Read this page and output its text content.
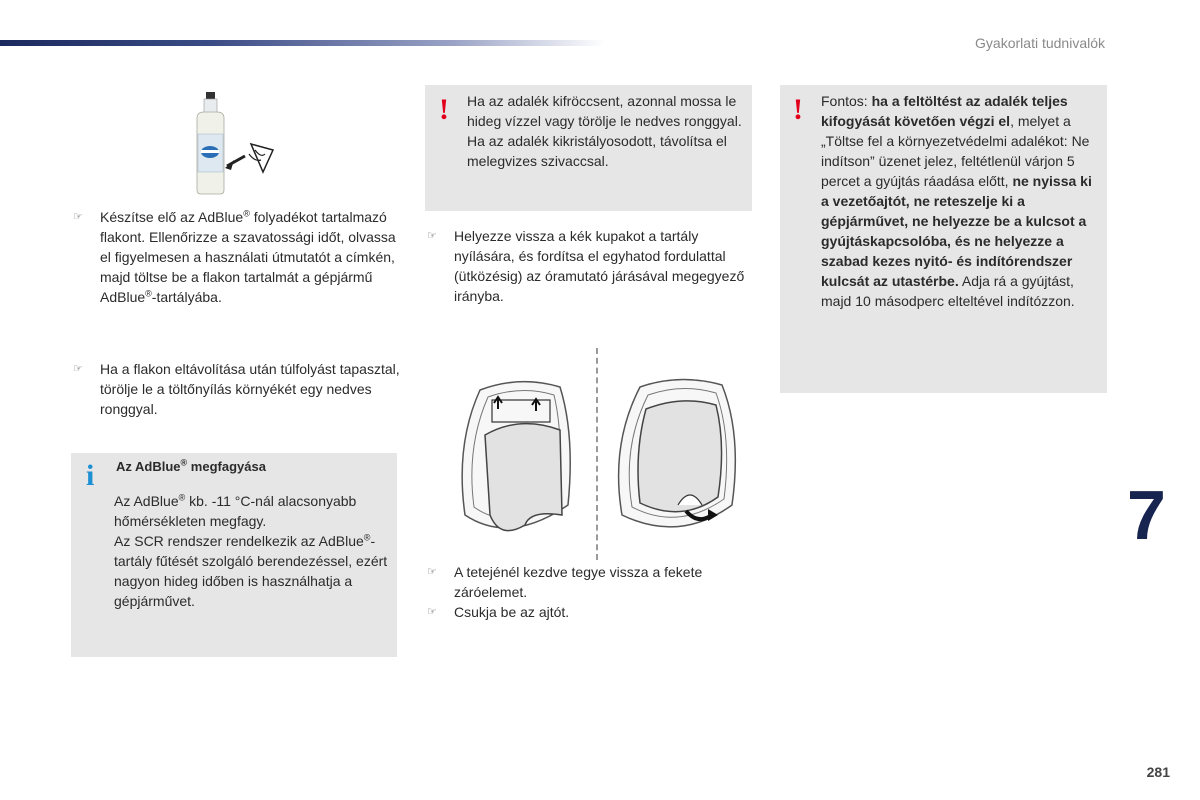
Gyakorlati tudnivalók
☞ Készítse elő az AdBlue® folyadékot tartalmazó flakont. Ellenőrizze a szavatossági időt, olvassa el figyelmesen a használati útmutatót a címkén, majd töltse be a flakon tartalmát a gépjármű AdBlue®-tartályába.
☞ Ha a flakon eltávolítása után túlfolyást tapasztal, törölje le a töltőnyílás környékét egy nedves ronggyal.
i Az AdBlue® megfagyása

Az AdBlue® kb. -11 °C-nál alacsonyabb hőmérsékleten megfagy.

Az SCR rendszer rendelkezik az AdBlue®-tartály fűtését szolgáló berendezéssel, ezért nagyon hideg időben is használhatja a gépjárművet.

! Ha az adalék kifröccsent, azonnal mossa le hideg vízzel vagy törölje le nedves ronggyal.

Ha az adalék kikristályosodott, távolítsa el melegvizes szivaccsal.

☞ Helyezze vissza a kék kupakot a tartály nyílására, és fordítsa el egyhatod fordulattal (ütközésig) az óramutató járásával megegyező irányba.
☞ A tetejénél kezdve tegye vissza a fekete záróelemet.
☞ Csukja be az ajtót.
! Fontos: ha a feltöltést az adalék teljes kifogyását követően végzi el, melyet a „Töltse fel a környezetvédelmi adalékot: Ne indítson” üzenet jelez, feltétlenül várjon 5 percet a gyújtás ráadása előtt, ne nyissa ki a vezetőajtót, ne reteszelje ki a gépjárművet, ne helyezze be a kulcsot a gyújtáskapcsolóba, és ne helyezze a szabad kezes nyitó- és indítórendszer kulcsát az utastérbe. Adja rá a gyújtást, majd 10 másodperc elteltével indítózzon.
7
281
